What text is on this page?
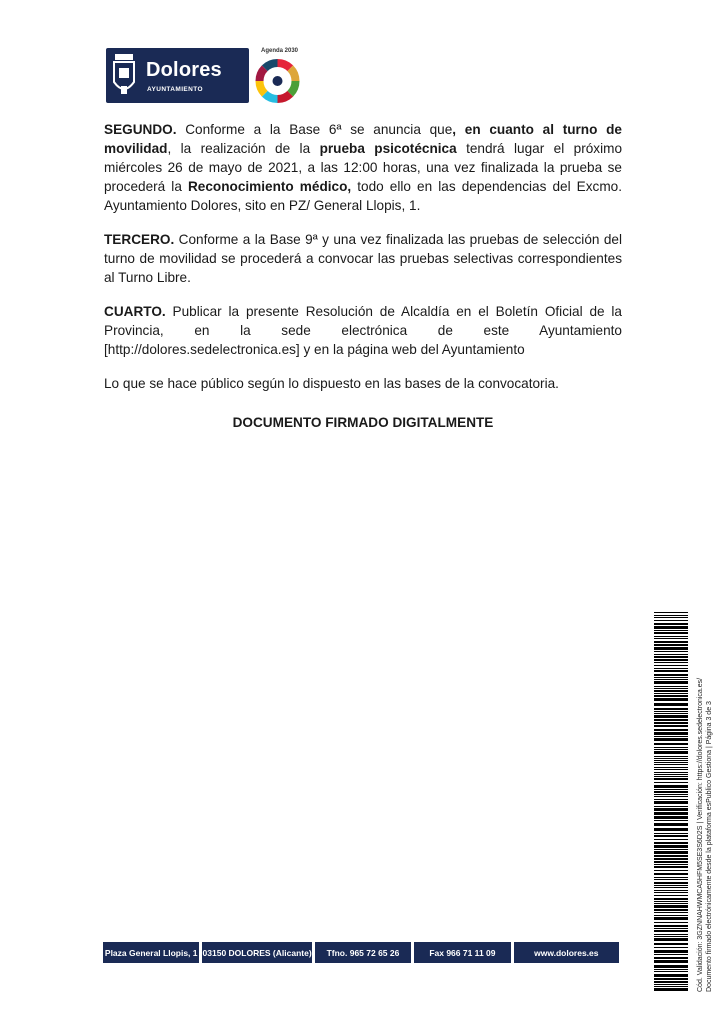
Dolores
AYUNTAMIENTO
Agenda 2030

SEGUNDO. Conforme a la Base 6ª se anuncia que, en cuanto al turno de movilidad, la realización de la prueba psicotécnica tendrá lugar el próximo miércoles 26 de mayo de 2021, a las 12:00 horas, una vez finalizada la prueba se procederá la Reconocimiento médico, todo ello en las dependencias del Excmo. Ayuntamiento Dolores, sito en PZ/ General Llopis, 1.

TERCERO. Conforme a la Base 9ª y una vez finalizada las pruebas de selección del turno de movilidad se procederá a convocar las pruebas selectivas correspondientes al Turno Libre.

CUARTO. Publicar la presente Resolución de Alcaldía en el Boletín Oficial de la Provincia, en la sede electrónica de este Ayuntamiento [http://dolores.sedelectronica.es] y en la página web del Ayuntamiento

Lo que se hace público según lo dispuesto en las bases de la convocatoria.

DOCUMENTO FIRMADO DIGITALMENTE
Cód. Validación: 3GZNNAHWMCA5HFM5SE3S6D2S | Verificación: https://dolores.sedelectronica.es/ Documento firmado electrónicamente desde la plataforma esPublico Gestiona | Página 3 de 3
Plaza General Llopis, 1 03150 DOLORES (Alicante)	Tfno. 965 72 65 26	Fax 966 71 11 09	www.dolores.es
